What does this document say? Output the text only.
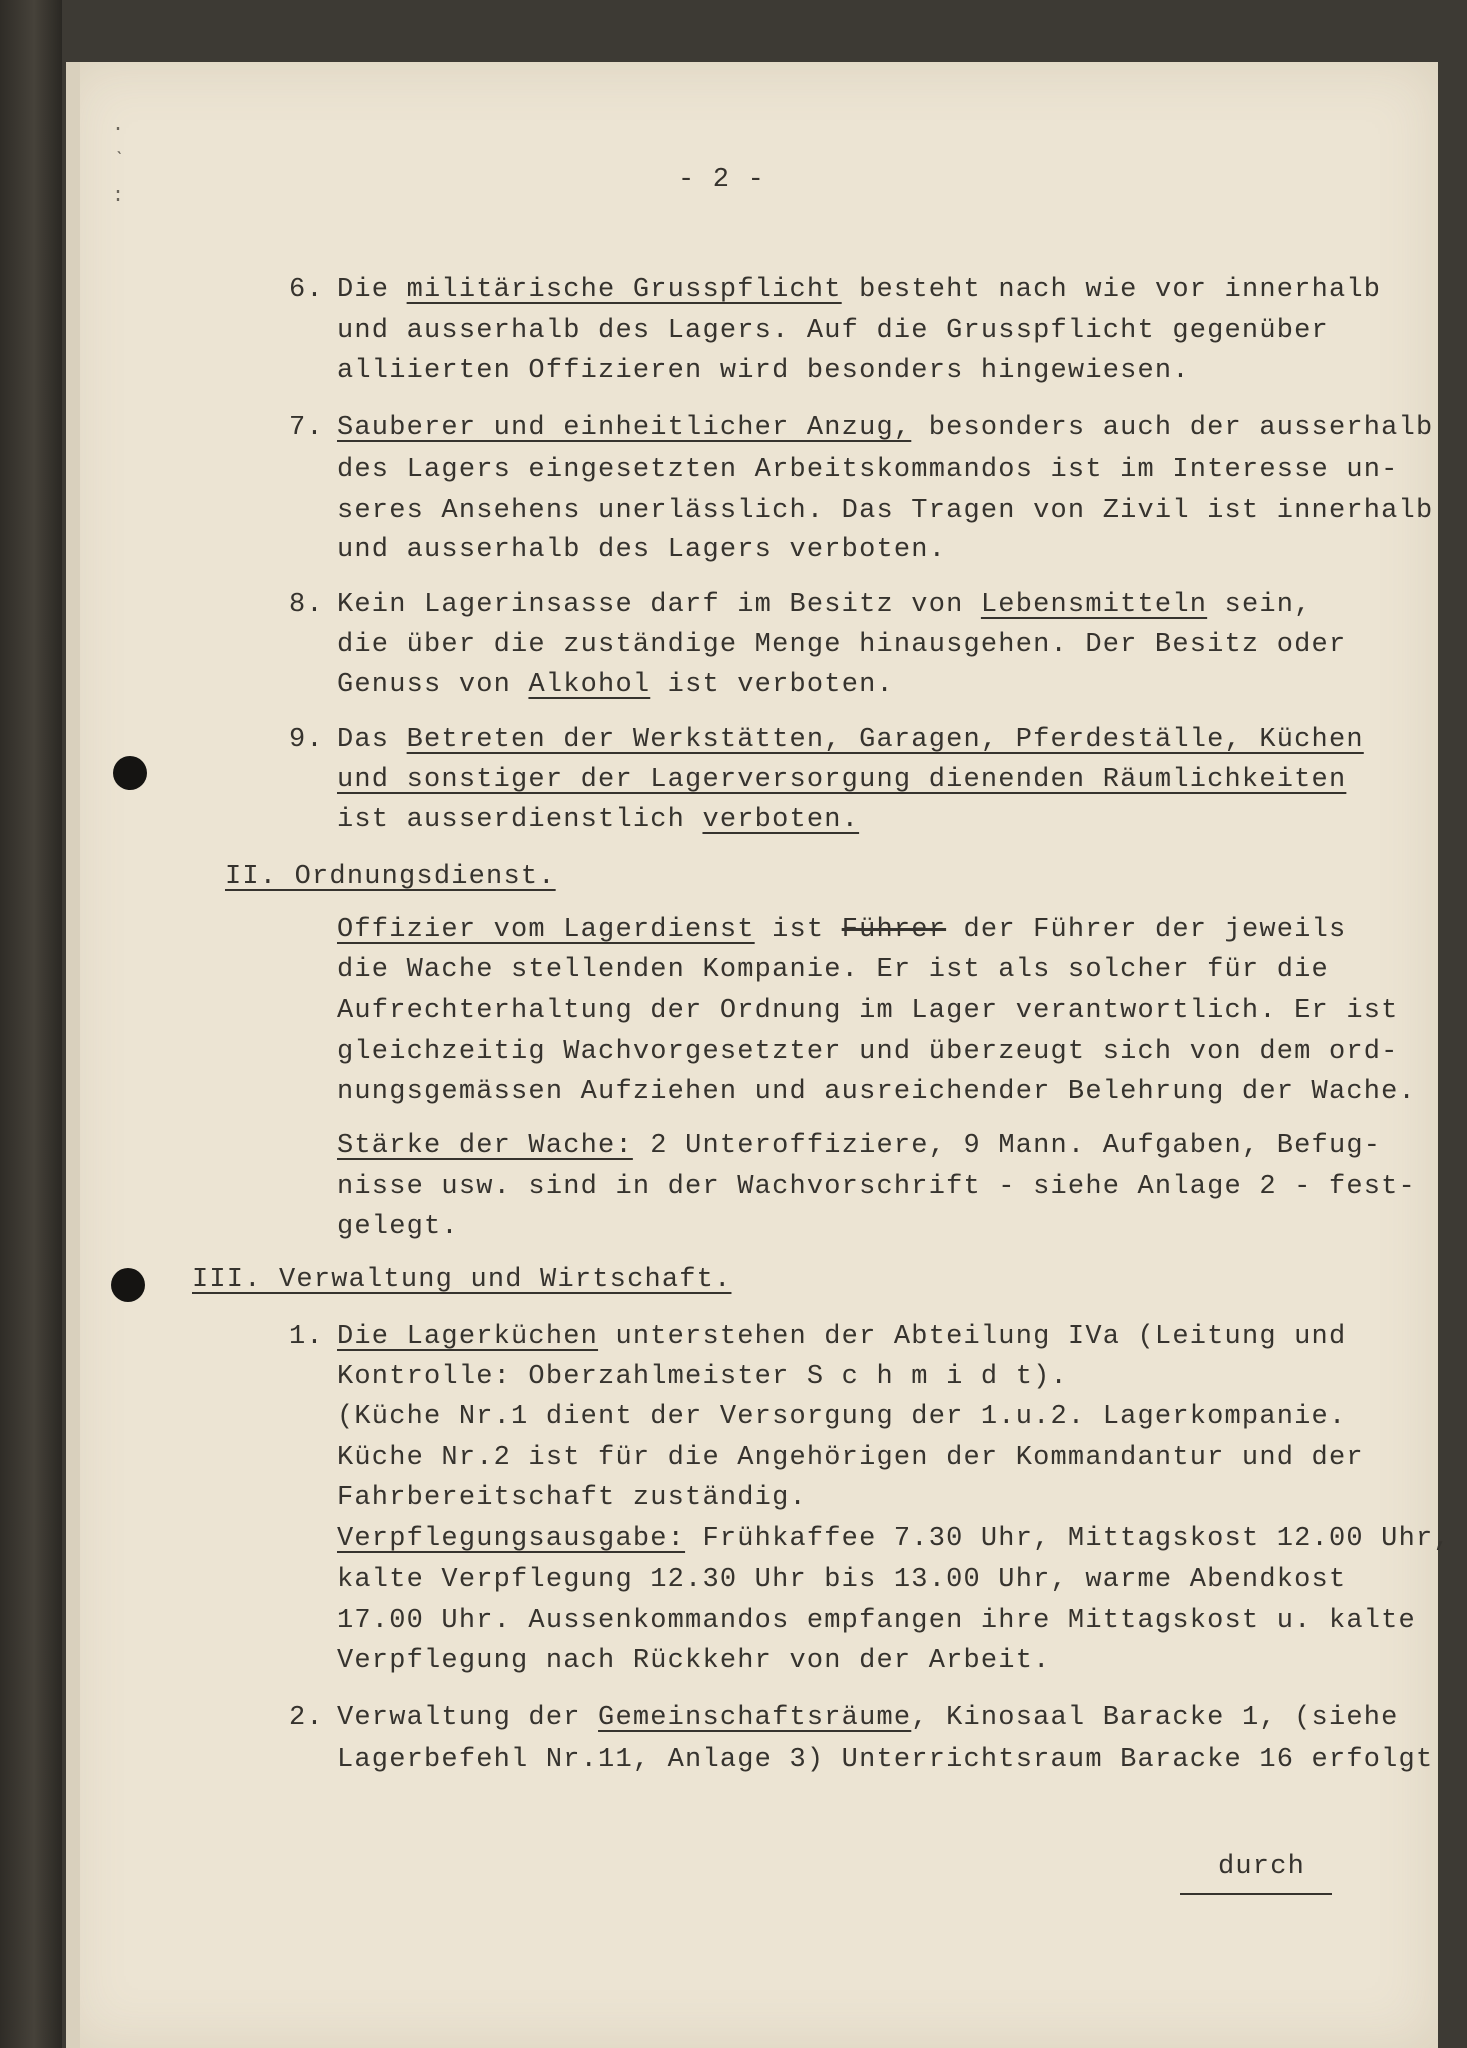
·
ˋ
:
- 2 -
6. Die militärische Grusspflicht besteht nach wie vor innerhalb
und ausserhalb des Lagers. Auf die Grusspflicht gegenüber
alliierten Offizieren wird besonders hingewiesen.
7. Sauberer und einheitlicher Anzug, besonders auch der ausserhalb
des Lagers eingesetzten Arbeitskommandos ist im Interesse un-
seres Ansehens unerlässlich. Das Tragen von Zivil ist innerhalb
und ausserhalb des Lagers verboten.
8. Kein Lagerinsasse darf im Besitz von Lebensmitteln sein,
die über die zuständige Menge hinausgehen. Der Besitz oder
Genuss von Alkohol ist verboten.
9. Das Betreten der Werkstätten, Garagen, Pferdeställe, Küchen
und sonstiger der Lagerversorgung dienenden Räumlichkeiten
ist ausserdienstlich verboten.
II. Ordnungsdienst.
Offizier vom Lagerdienst ist Führer der Führer der jeweils
die Wache stellenden Kompanie. Er ist als solcher für die
Aufrechterhaltung der Ordnung im Lager verantwortlich. Er ist
gleichzeitig Wachvorgesetzter und überzeugt sich von dem ord-
nungsgemässen Aufziehen und ausreichender Belehrung der Wache.
Stärke der Wache: 2 Unteroffiziere, 9 Mann. Aufgaben, Befug-
nisse usw. sind in der Wachvorschrift - siehe Anlage 2 - fest-
gelegt.
III. Verwaltung und Wirtschaft.
1. Die Lagerküchen unterstehen der Abteilung IVa (Leitung und
Kontrolle: Oberzahlmeister S c h m i d t).
(Küche Nr.1 dient der Versorgung der 1.u.2. Lagerkompanie.
Küche Nr.2 ist für die Angehörigen der Kommandantur und der
Fahrbereitschaft zuständig.
Verpflegungsausgabe: Frühkaffee 7.30 Uhr, Mittagskost 12.00 Uhr,
kalte Verpflegung 12.30 Uhr bis 13.00 Uhr, warme Abendkost
17.00 Uhr. Aussenkommandos empfangen ihre Mittagskost u. kalte
Verpflegung nach Rückkehr von der Arbeit.
2. Verwaltung der Gemeinschaftsräume, Kinosaal Baracke 1, (siehe
Lagerbefehl Nr.11, Anlage 3) Unterrichtsraum Baracke 16 erfolgt
durch
